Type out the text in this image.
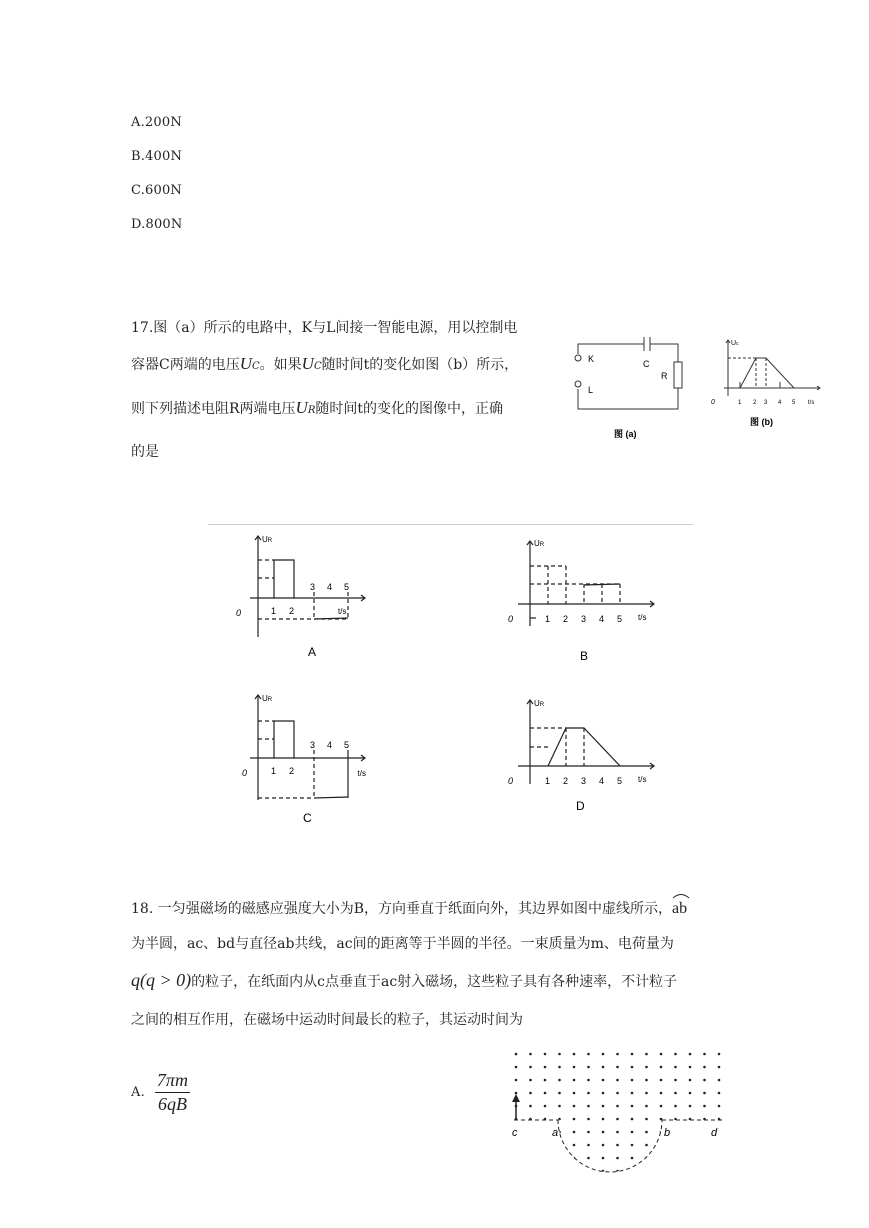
A.200N
B.400N
C.600N
D.800N
17.图（a）所示的电路中，K与L间接一智能电源，用以控制电
容器C两端的电压UC。如果UC随时间t的变化如图（b）所示，
则下列描述电阻R两端电压UR随时间t的变化的图像中，正确
的是
K
L
C
R
图 (a)
Uc
0	1 2 3 4 5 t/s
图 (b)
UR
0	1 2
3 4 5
t/s
A
UR
0	1 2 3 4 5 t/s
B
UR
0	1 2
3 4 5
t/s
C
UR
0	1 2 3 4 5 t/s
D
18. 一匀强磁场的磁感应强度大小为B，方向垂直于纸面向外，其边界如图中虚线所示，
ab
为半圆，ac、bd与直径ab共线，ac间的距离等于半圆的半径。一束质量为m、电荷量为
q(q > 0)的粒子，在纸面内从c点垂直于ac射入磁场，这些粒子具有各种速率，不计粒子
之间的相互作用，在磁场中运动时间最长的粒子，其运动时间为
A. $\frac{7\pi m}{6qB}$
c	a	b	d
